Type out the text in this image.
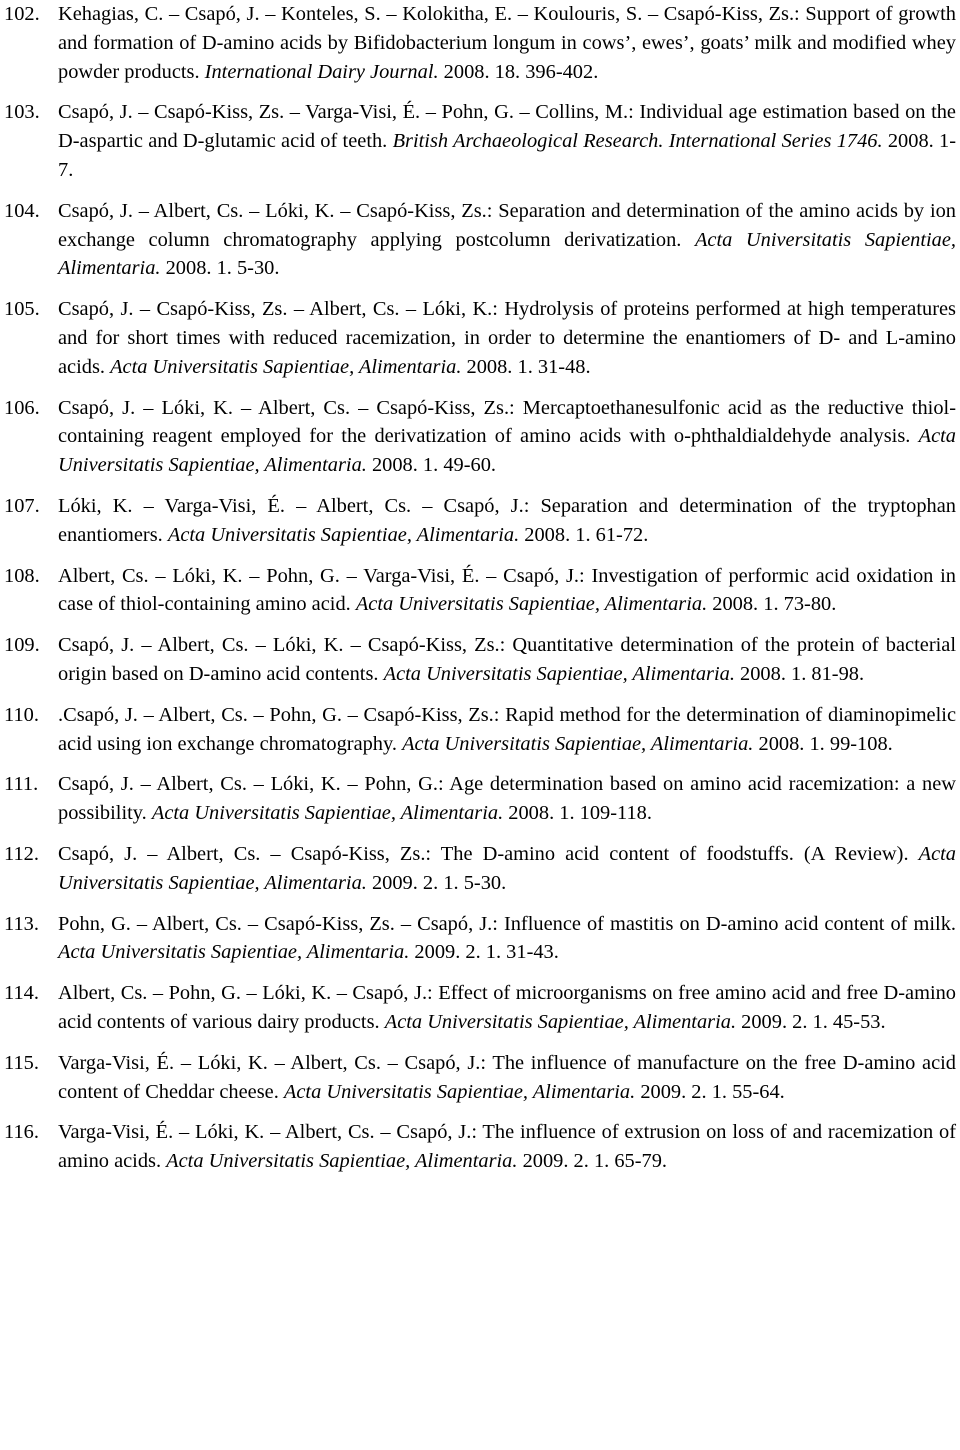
102. Kehagias, C. – Csapó, J. – Konteles, S. – Kolokitha, E. – Koulouris, S. – Csapó-Kiss, Zs.: Support of growth and formation of D-amino acids by Bifidobacterium longum in cows’, ewes’, goats’ milk and modified whey powder products. International Dairy Journal. 2008. 18. 396-402.
103. Csapó, J. – Csapó-Kiss, Zs. – Varga-Visi, É. – Pohn, G. – Collins, M.: Individual age estimation based on the D-aspartic and D-glutamic acid of teeth. British Archaeological Research. International Series 1746. 2008. 1-7.
104. Csapó, J. – Albert, Cs. – Lóki, K. – Csapó-Kiss, Zs.: Separation and determination of the amino acids by ion exchange column chromatography applying postcolumn derivatization. Acta Universitatis Sapientiae, Alimentaria. 2008. 1. 5-30.
105. Csapó, J. – Csapó-Kiss, Zs. – Albert, Cs. – Lóki, K.: Hydrolysis of proteins performed at high temperatures and for short times with reduced racemization, in order to determine the enantiomers of D- and L-amino acids. Acta Universitatis Sapientiae, Alimentaria. 2008. 1. 31-48.
106. Csapó, J. – Lóki, K. – Albert, Cs. – Csapó-Kiss, Zs.: Mercaptoethanesulfonic acid as the reductive thiol-containing reagent employed for the derivatization of amino acids with o-phthaldialdehyde analysis. Acta Universitatis Sapientiae, Alimentaria. 2008. 1. 49-60.
107. Lóki, K. – Varga-Visi, É. – Albert, Cs. – Csapó, J.: Separation and determination of the tryptophan enantiomers. Acta Universitatis Sapientiae, Alimentaria. 2008. 1. 61-72.
108. Albert, Cs. – Lóki, K. – Pohn, G. – Varga-Visi, É. – Csapó, J.: Investigation of performic acid oxidation in case of thiol-containing amino acid. Acta Universitatis Sapientiae, Alimentaria. 2008. 1. 73-80.
109. Csapó, J. – Albert, Cs. – Lóki, K. – Csapó-Kiss, Zs.: Quantitative determination of the protein of bacterial origin based on D-amino acid contents. Acta Universitatis Sapientiae, Alimentaria. 2008. 1. 81-98.
110. .Csapó, J. – Albert, Cs. – Pohn, G. – Csapó-Kiss, Zs.: Rapid method for the determination of diaminopimelic acid using ion exchange chromatography. Acta Universitatis Sapientiae, Alimentaria. 2008. 1. 99-108.
111. Csapó, J. – Albert, Cs. – Lóki, K. – Pohn, G.: Age determination based on amino acid racemization: a new possibility. Acta Universitatis Sapientiae, Alimentaria. 2008. 1. 109-118.
112. Csapó, J. – Albert, Cs. – Csapó-Kiss, Zs.: The D-amino acid content of foodstuffs. (A Review). Acta Universitatis Sapientiae, Alimentaria. 2009. 2. 1. 5-30.
113. Pohn, G. – Albert, Cs. – Csapó-Kiss, Zs. – Csapó, J.: Influence of mastitis on D-amino acid content of milk. Acta Universitatis Sapientiae, Alimentaria. 2009. 2. 1. 31-43.
114. Albert, Cs. – Pohn, G. – Lóki, K. – Csapó, J.: Effect of microorganisms on free amino acid and free D-amino acid contents of various dairy products. Acta Universitatis Sapientiae, Alimentaria. 2009. 2. 1. 45-53.
115. Varga-Visi, É. – Lóki, K. – Albert, Cs. – Csapó, J.: The influence of manufacture on the free D-amino acid content of Cheddar cheese. Acta Universitatis Sapientiae, Alimentaria. 2009. 2. 1. 55-64.
116. Varga-Visi, É. – Lóki, K. – Albert, Cs. – Csapó, J.: The influence of extrusion on loss of and racemization of amino acids. Acta Universitatis Sapientiae, Alimentaria. 2009. 2. 1. 65-79.
